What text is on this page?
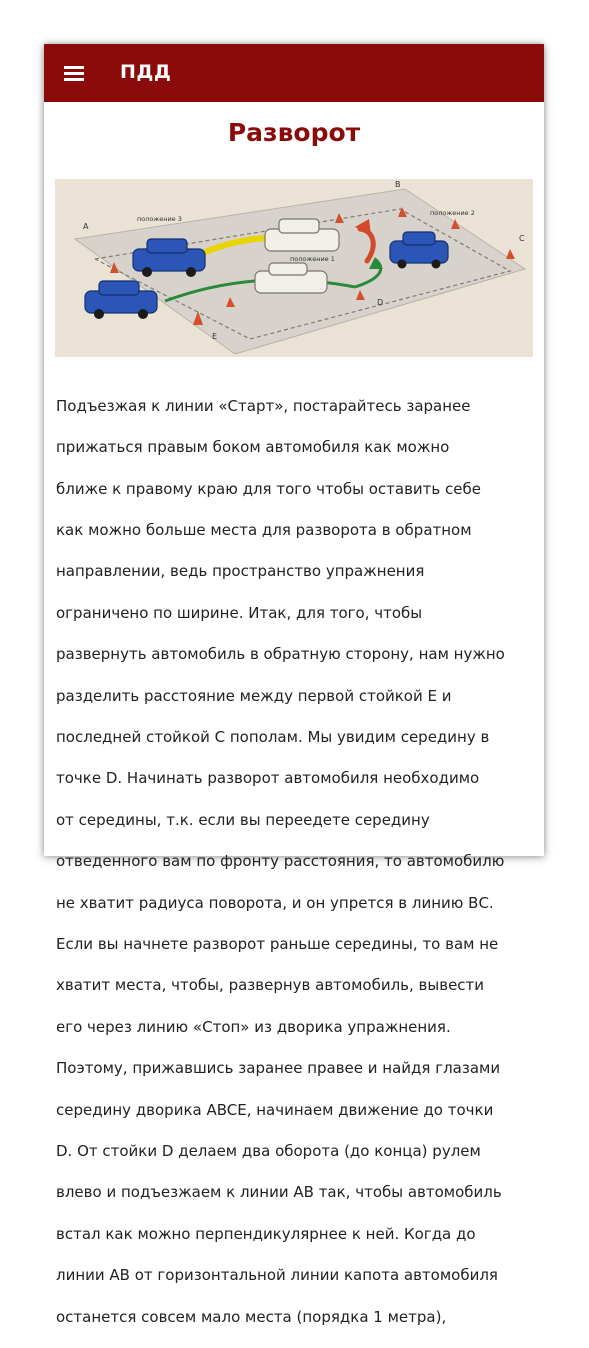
ПДД
Разворот
A
B
C
D
E
положение 1
положение 2
положение 3

Подъезжая к линии «Старт», постарайтесь заранее

прижаться правым боком автомобиля как можно

ближе к правому краю для того чтобы оставить себе

как можно больше места для разворота в обратном

направлении, ведь пространство упражнения

ограничено по ширине. Итак, для того, чтобы

развернуть автомобиль в обратную сторону, нам нужно

разделить расстояние между первой стойкой E и

последней стойкой C пополам. Мы увидим середину в

точке D. Начинать разворот автомобиля необходимо

от середины, т.к. если вы переедете середину

отведенного вам по фронту расстояния, то автомобилю

не хватит радиуса поворота, и он упрется в линию ВС.

Если вы начнете разворот раньше середины, то вам не

хватит места, чтобы, развернув автомобиль, вывести

его через линию «Стоп» из дворика упражнения.

Поэтому, прижавшись заранее правее и найдя глазами

середину дворика ABCE, начинаем движение до точки

D. От стойки D делаем два оборота (до конца) рулем

влево и подъезжаем к линии AB так, чтобы автомобиль

встал как можно перпендикулярнее к ней. Когда до

линии AB от горизонтальной линии капота автомобиля

останется совсем мало места (порядка 1 метра),
